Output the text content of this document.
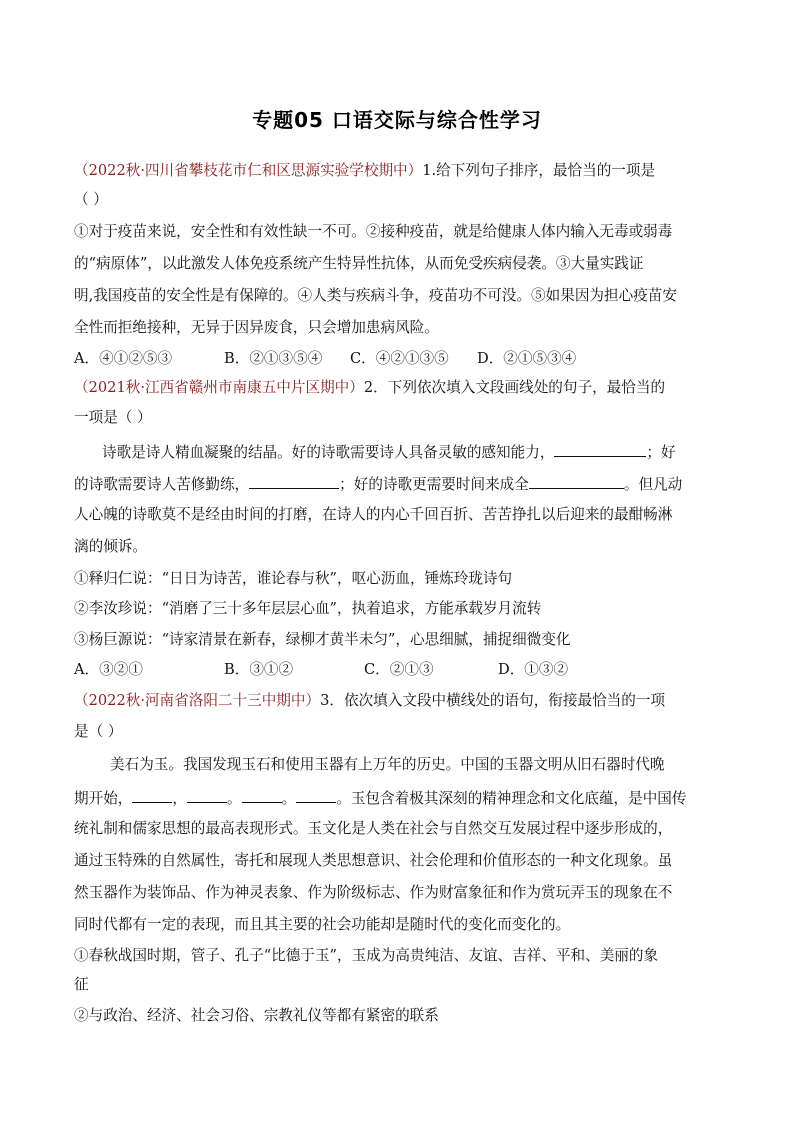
专题05 口语交际与综合性学习
（2022秋·四川省攀枝花市仁和区思源实验学校期中）1.给下列句子排序，最恰当的一项是
（ ）
①对于疫苗来说，安全性和有效性缺一不可。②接种疫苗，就是给健康人体内输入无毒或弱毒
的“病原体”，以此激发人体免疫系统产生特异性抗体，从而免受疾病侵袭。③大量实践证
明,我国疫苗的安全性是有保障的。④人类与疾病斗争，疫苗功不可没。⑤如果因为担心疫苗安
全性而拒绝接种，无异于因异废食，只会增加患病风险。
A．④①②⑤③	B．②①③⑤④ C．④②①③⑤ D．②①⑤③④
（2021秋·江西省赣州市南康五中片区期中）2．下列依次填入文段画线处的句子，最恰当的
一项是（ ）
诗歌是诗人精血凝聚的结晶。好的诗歌需要诗人具备灵敏的感知能力，	；好
的诗歌需要诗人苦修勤练，	；好的诗歌更需要时间来成全	。但凡动
人心魄的诗歌莫不是经由时间的打磨，在诗人的内心千回百折、苦苦挣扎以后迎来的最酣畅淋
漓的倾诉。
①释归仁说：“日日为诗苦，谁论春与秋”，呕心沥血，锤炼玲珑诗句
②李汝珍说：“消磨了三十多年层层心血”，执着追求，方能承载岁月流转
③杨巨源说：“诗家清景在新春，绿柳才黄半未匀”，心思细腻，捕捉细微变化
A．③②①	B．③①②	C．②①③	D．①③②
（2022秋·河南省洛阳二十三中期中）3．依次填入文段中横线处的语句，衔接最恰当的一项
是（ ）
美石为玉。我国发现玉石和使用玉器有上万年的历史。中国的玉器文明从旧石器时代晚
期开始，	，	。	。	。玉包含着极其深刻的精神理念和文化底蕴，是中国传
统礼制和儒家思想的最高表现形式。玉文化是人类在社会与自然交互发展过程中逐步形成的，
通过玉特殊的自然属性，寄托和展现人类思想意识、社会伦理和价值形态的一种文化现象。虽
然玉器作为装饰品、作为神灵表象、作为阶级标志、作为财富象征和作为赏玩弄玉的现象在不
同时代都有一定的表现，而且其主要的社会功能却是随时代的变化而变化的。
①春秋战国时期，管子、孔子“比德于玉”，玉成为高贵纯洁、友谊、吉祥、平和、美丽的象
征
②与政治、经济、社会习俗、宗教礼仪等都有紧密的联系
